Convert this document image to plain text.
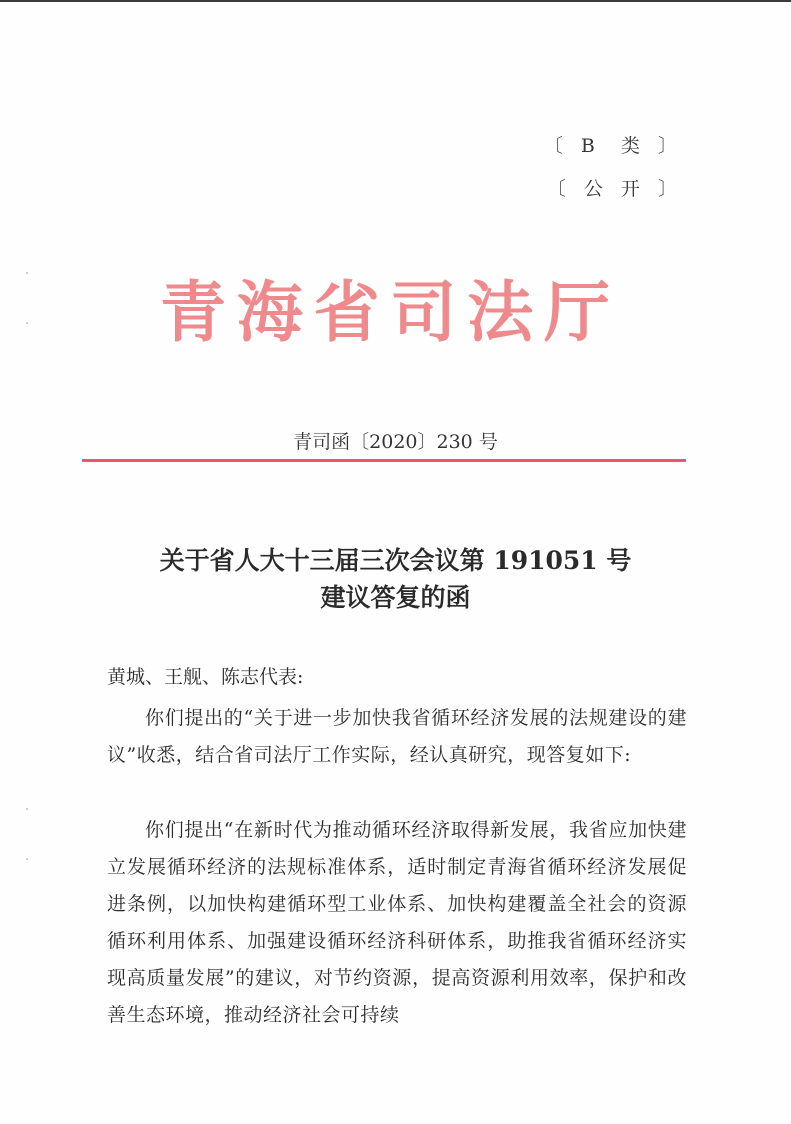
〔  B   类  〕
〔  公  开  〕
青 海 省 司 法 厅
青司函〔2020〕230 号
关于省人大十三届三次会议第 191051 号
建议答复的函
黄城、王舰、陈志代表:
你们提出的“关于进一步加快我省循环经济发展的法规建设的建议”收悉，结合省司法厅工作实际，经认真研究，现答复如下:
你们提出“在新时代为推动循环经济取得新发展，我省应加快建立发展循环经济的法规标准体系，适时制定青海省循环经济发展促进条例，以加快构建循环型工业体系、加快构建覆盖全社会的资源循环利用体系、加强建设循环经济科研体系，助推我省循环经济实现高质量发展”的建议，对节约资源，提高资源利用效率，保护和改善生态环境，推动经济社会可持续
